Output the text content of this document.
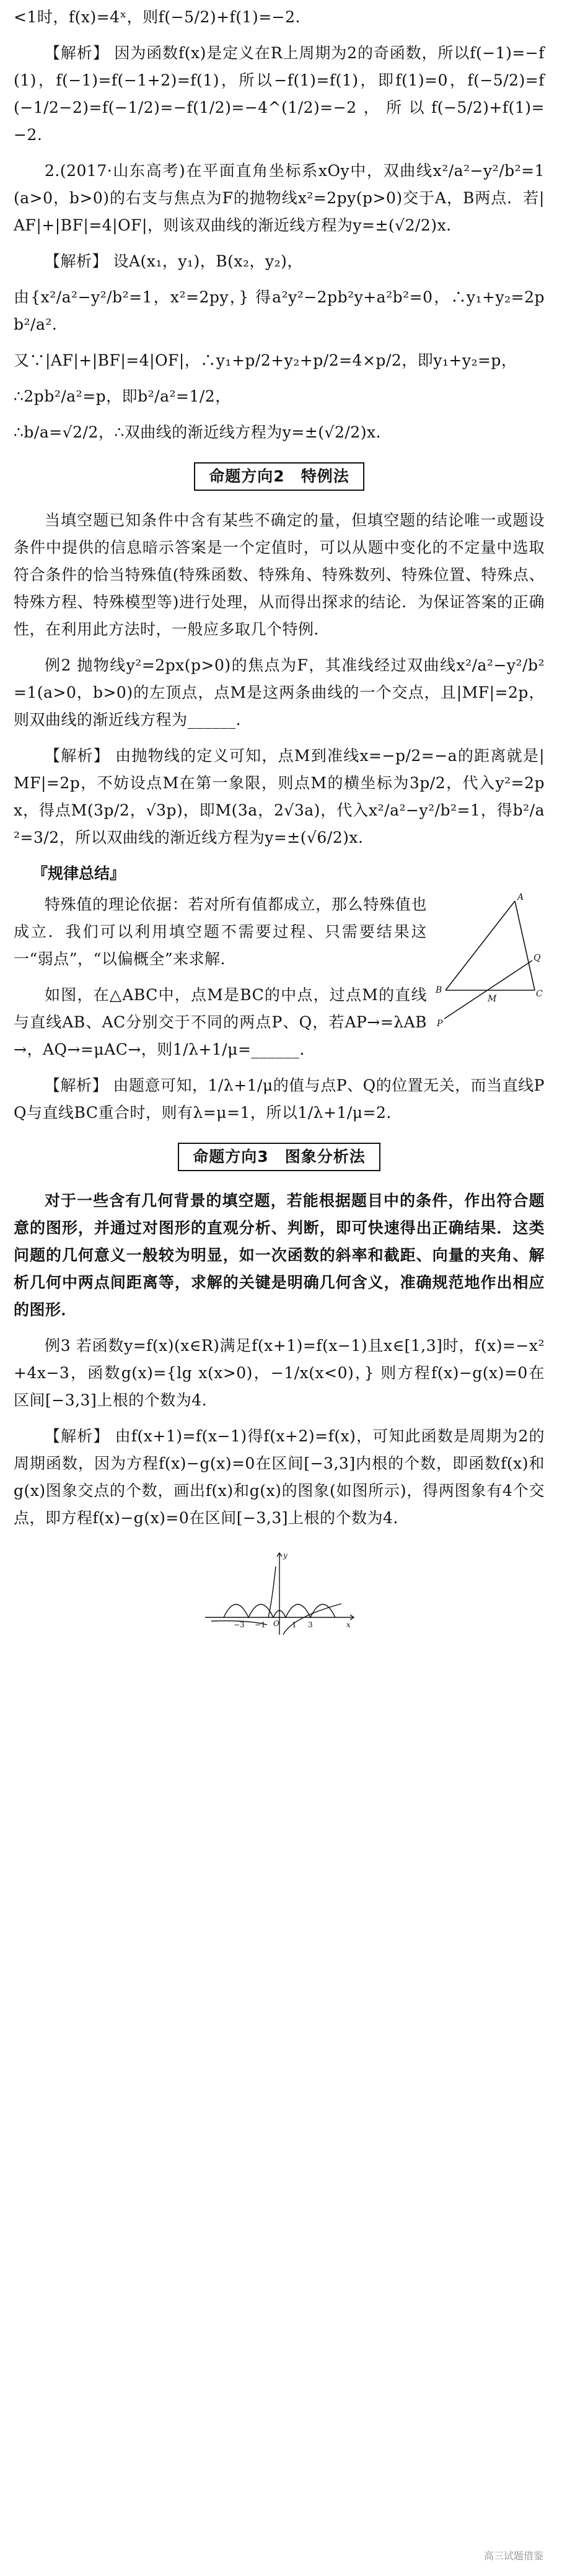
<1时，f(x)=4ˣ，则f(−5/2)+f(1)=−2.

【解析】 因为函数f(x)是定义在R上周期为2的奇函数，所以f(−1)=−f(1)，f(−1)=f(−1+2)=f(1)，所以−f(1)=f(1)，即f(1)=0，f(−5/2)=f(−1/2−2)=f(−1/2)=−f(1/2)=−4^(1/2)=−2，所以f(−5/2)+f(1)=−2.

2.(2017·山东高考)在平面直角坐标系xOy中，双曲线x²/a²−y²/b²=1(a>0，b>0)的右支与焦点为F的抛物线x²=2py(p>0)交于A，B两点．若|AF|+|BF|=4|OF|，则该双曲线的渐近线方程为y=±(√2/2)x.

【解析】 设A(x₁，y₁)，B(x₂，y₂)，

由{x²/a²−y²/b²=1，x²=2py，} 得a²y²−2pb²y+a²b²=0，∴y₁+y₂=2pb²/a².

又∵|AF|+|BF|=4|OF|，∴y₁+p/2+y₂+p/2=4×p/2，即y₁+y₂=p，

∴2pb²/a²=p，即b²/a²=1/2，

∴b/a=√2/2，∴双曲线的渐近线方程为y=±(√2/2)x.

命题方向2　特例法

当填空题已知条件中含有某些不确定的量，但填空题的结论唯一或题设条件中提供的信息暗示答案是一个定值时，可以从题中变化的不定量中选取符合条件的恰当特殊值(特殊函数、特殊角、特殊数列、特殊位置、特殊点、特殊方程、特殊模型等)进行处理，从而得出探求的结论．为保证答案的正确性，在利用此方法时，一般应多取几个特例．

例2 抛物线y²=2px(p>0)的焦点为F，其准线经过双曲线x²/a²−y²/b²=1(a>0，b>0)的左顶点，点M是这两条曲线的一个交点，且|MF|=2p，则双曲线的渐近线方程为______.

【解析】 由抛物线的定义可知，点M到准线x=−p/2=−a的距离就是|MF|=2p，不妨设点M在第一象限，则点M的横坐标为3p/2，代入y²=2px，得点M(3p/2，√3p)，即M(3a，2√3a)，代入x²/a²−y²/b²=1，得b²/a²=3/2，所以双曲线的渐近线方程为y=±(√6/2)x.

『规律总结』

特殊值的理论依据：若对所有值都成立，那么特殊值也成立．我们可以利用填空题不需要过程、只需要结果这一“弱点”，“以偏概全”来求解．

如图，在△ABC中，点M是BC的中点，过点M的直线与直线AB、AC分别交于不同的两点P、Q，若AP→=λAB→，AQ→=μAC→，则1/λ+1/μ=______.

A
B	C
M
P
Q

【解析】 由题意可知，1/λ+1/μ的值与点P、Q的位置无关，而当直线PQ与直线BC重合时，则有λ=μ=1，所以1/λ+1/μ=2.

命题方向3　图象分析法

对于一些含有几何背景的填空题，若能根据题目中的条件，作出符合题意的图形，并通过对图形的直观分析、判断，即可快速得出正确结果．这类问题的几何意义一般较为明显，如一次函数的斜率和截距、向量的夹角、解析几何中两点间距离等，求解的关键是明确几何含义，准确规范地作出相应的图形．

例3 若函数y=f(x)(x∈R)满足f(x+1)=f(x−1)且x∈[1,3]时，f(x)=−x²+4x−3，函数g(x)={lg x(x>0)，−1/x(x<0)，} 则方程f(x)−g(x)=0在区间[−3,3]上根的个数为4.

【解析】 由f(x+1)=f(x−1)得f(x+2)=f(x)，可知此函数是周期为2的周期函数，因为方程f(x)−g(x)=0在区间[−3,3]内根的个数，即函数f(x)和g(x)图象交点的个数，画出f(x)和g(x)的图象(如图所示)，得两图象有4个交点，即方程f(x)−g(x)=0在区间[−3,3]上根的个数为4.

x
y
O	3
1
−1
−3
高三试题借鉴
